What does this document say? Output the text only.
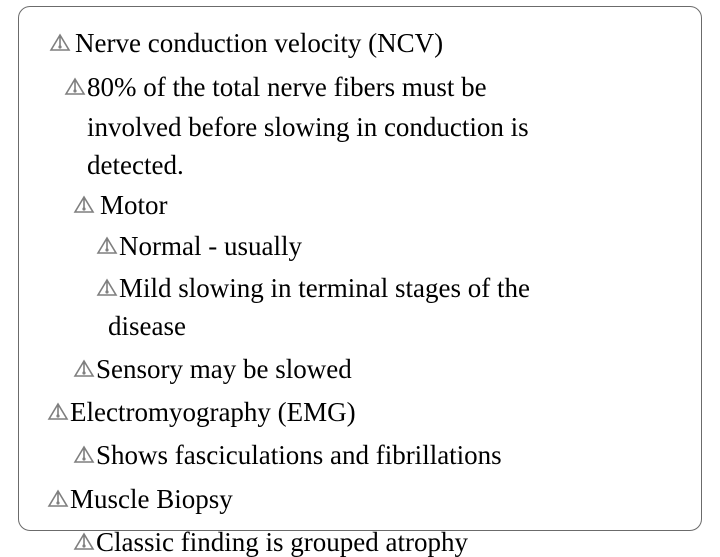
Nerve conduction velocity (NCV)
80% of the total nerve fibers must be
involved before slowing in conduction is
detected.
Motor
Normal - usually
Mild slowing in terminal stages of the
disease
Sensory may be slowed
Electromyography (EMG)
Shows fasciculations and fibrillations
Muscle Biopsy
Classic finding is grouped atrophy
